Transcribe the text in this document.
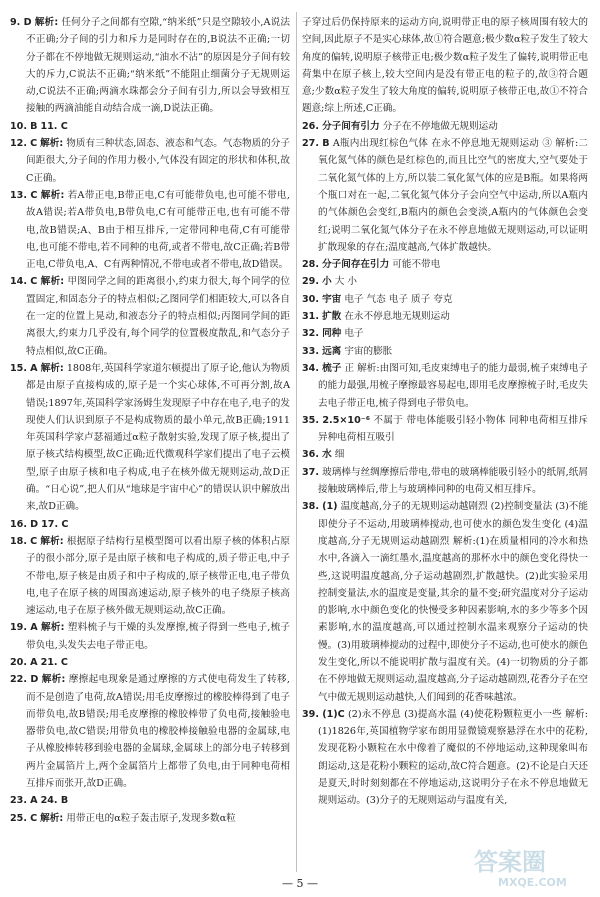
9. D 解析: 任何分子之间都有空隙,“纳米纸”只是空隙较小,A说法不正确;分子间的引力和斥力是同时存在的,B说法不正确;一切分子都在不停地做无规则运动,“油水不沾”的原因是分子间有较大的斥力,C说法不正确;“纳米纸”不能阻止细菌分子无规则运动,C说法不正确;两滴水珠都会分子间有引力,所以会导致相互接触的两滴油能自动结合成一滴,D说法正确。

10. B 11. C

12. C 解析: 物质有三种状态,固态、液态和气态。气态物质的分子间距很大,分子间的作用力极小,气体没有固定的形状和体积,故C正确。

13. C 解析: 若A带正电,B带正电,C有可能带负电,也可能不带电,故A错误;若A带负电,B带负电,C有可能带正电,也有可能不带电,故B错误;A、B由于相互排斥,一定带同种电荷,C有可能带电,也可能不带电,若不同种的电荷,或者不带电,故C正确;若B带正电,C带负电,A、C有两种情况,不带电或者不带电,故D错误。

14. C 解析: 甲图同学之间的距离很小,约束力很大,每个同学的位置固定,和固态分子的特点相似;乙图同学们相距较大,可以各自在一定的位置上晃动,和液态分子的特点相似;丙图同学间的距离很大,约束力几乎没有,每个同学的位置极度散乱,和气态分子特点相似,故C正确。

15. A 解析: 1808年,英国科学家道尔顿提出了原子论,他认为物质都是由原子直接构成的,原子是一个实心球体,不可再分割,故A错误;1897年,英国科学家汤姆生发现原子中存在电子,电子的发现使人们认识到原子不是构成物质的最小单元,故B正确;1911年英国科学家卢瑟福通过α粒子散射实验,发现了原子核,提出了原子核式结构模型,故C正确;近代微观科学家们提出了电子云模型,原子由原子核和电子构成,电子在核外做无规则运动,故D正确。“日心说”,把人们从“地球是宇宙中心”的错误认识中解放出来,故D正确。

16. D 17. C

18. C 解析: 根据原子结构行星模型图可以看出原子核的体积占原子的很小部分,原子是由原子核和电子构成的,质子带正电,中子不带电,原子核是由质子和中子构成的,原子核带正电,电子带负电,电子在原子核的周围高速运动,原子核外的电子绕原子核高速运动,电子在原子核外做无规则运动,故C正确。

19. A 解析: 塑料梳子与干燥的头发摩擦,梳子得到一些电子,梳子带负电,头发失去电子带正电。

20. A 21. C

22. D 解析: 摩擦起电现象是通过摩擦的方式使电荷发生了转移,而不是创造了电荷,故A错误;用毛皮摩擦过的橡胶棒得到了电子而带负电,故B错误;用毛皮摩擦的橡胶棒带了负电荷,接触验电器带负电,故C错误;用带负电的橡胶棒接触验电器的金属球,电子从橡胶棒转移到验电器的金属球,金属球上的部分电子转移到两片金属箔片上,两个金属箔片上都带了负电,由于同种电荷相互排斥而张开,故D正确。

23. A 24. B

25. C 解析: 用带正电的α粒子轰击原子,发现多数α粒

子穿过后仍保持原来的运动方向,说明带正电的原子核周围有较大的空间,因此原子不是实心球体,故①符合题意;极少数α粒子发生了较大角度的偏转,说明原子核带正电;极少数α粒子发生了偏转,说明带正电荷集中在原子核上,较大空间内是没有带正电的粒子的,故③符合题意;少数α粒子发生了较大角度的偏转,说明原子核带正电,故①不符合题意;综上所述,C正确。

26. 分子间有引力 分子在不停地做无规则运动

27. B A瓶内出现红棕色气体 在永不停息地无规则运动 ③ 解析:二氧化氮气体的颜色是红棕色的,而且比空气的密度大,空气要处于二氧化氮气体的上方,所以装二氧化氮气体的应是B瓶。如果将两个瓶口对在一起,二氧化氮气体分子会向空气中运动,所以A瓶内的气体颜色会变红,B瓶内的颜色会变淡,A瓶内的气体颜色会变红;说明二氧化氮气体分子在永不停息地做无规则运动,可以证明扩散现象的存在;温度越高,气体扩散越快。

28. 分子间存在引力 可能不带电

29. 小 大 小

30. 宇宙 电子 气态 电子 质子 夸克

31. 扩散 在永不停息地无规则运动

32. 同种 电子

33. 远离 宇宙的膨胀

34. 梳子 正 解析:由图可知,毛皮束缚电子的能力最弱,梳子束缚电子的能力最强,用梳子摩擦最容易起电,即用毛皮摩擦梳子时,毛皮失去电子带正电,梳子得到电子带负电。

35. 2.5×10⁻⁶ 不属于 带电体能吸引轻小物体 同种电荷相互排斥 异种电荷相互吸引

36. 水 细

37. 玻璃棒与丝绸摩擦后带电,带电的玻璃棒能吸引轻小的纸屑,纸屑接触玻璃棒后,带上与玻璃棒同种的电荷又相互排斥。

38. (1) 温度越高,分子的无规则运动越剧烈 (2)控制变量法 (3)不能 即使分子不运动,用玻璃棒搅动,也可使水的颜色发生变化 (4)温度越高,分子无规则运动越剧烈 解析:(1)在质量相同的冷水和热水中,各滴入一滴红墨水,温度越高的那杯水中的颜色变化得快一些,这说明温度越高,分子运动越剧烈,扩散越快。(2)此实验采用控制变量法,水的温度是变量,其余的量不变;研究温度对分子运动的影响,水中颜色变化的快慢受多种因素影响,水的多少等多个因素影响,水的温度越高,可以通过控制水温来观察分子运动的快慢。(3)用玻璃棒搅动的过程中,即使分子不运动,也可使水的颜色发生变化,所以不能说明扩散与温度有关。(4)一切物质的分子都在不停地做无规则运动,温度越高,分子运动越剧烈,花香分子在空气中做无规则运动越快,人们闻到的花香味越浓。

39. (1)C (2)永不停息 (3)提高水温 (4)使花粉颗粒更小一些 解析:(1)1826年,英国植物学家布朗用显微镜观察悬浮在水中的花粉,发现花粉小颗粒在水中像着了魔似的不停地运动,这种现象叫布朗运动,这是花粉小颗粒的运动,故C符合题意。(2)不论是白天还是夏天,时时刻刻都在不停地运动,这说明分子在永不停息地做无规则运动。(3)分子的无规则运动与温度有关,

— 5 —
答案圈
MXQE.COM
